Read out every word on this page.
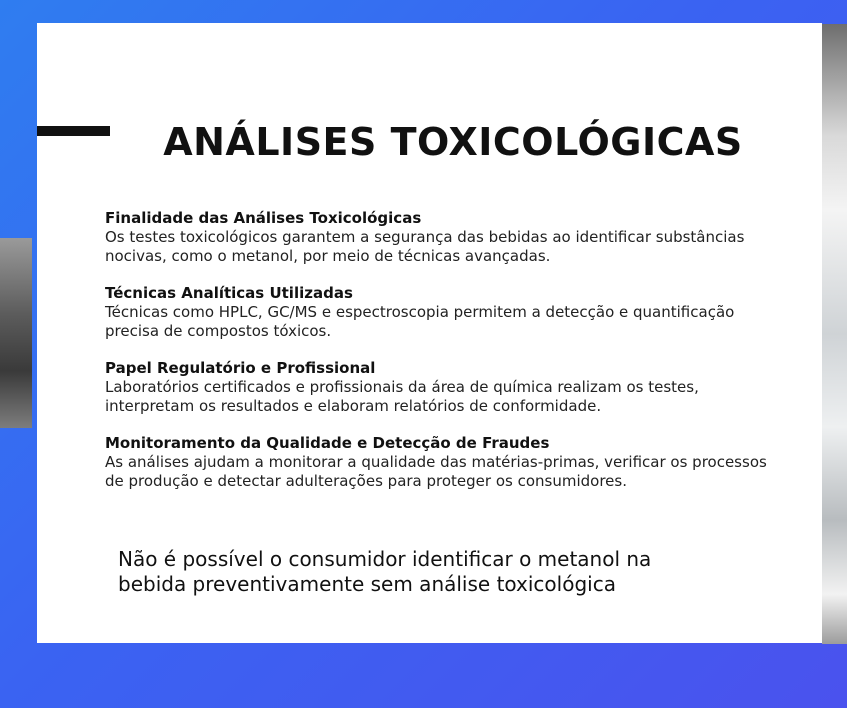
ANÁLISES TOXICOLÓGICAS

Finalidade das Análises Toxicológicas

Os testes toxicológicos garantem a segurança das bebidas ao identificar substâncias nocivas, como o metanol, por meio de técnicas avançadas.

Técnicas Analíticas Utilizadas

Técnicas como HPLC, GC/MS e espectroscopia permitem a detecção e quantificação precisa de compostos tóxicos.

Papel Regulatório e Profissional

Laboratórios certificados e profissionais da área de química realizam os testes, interpretam os resultados e elaboram relatórios de conformidade.

Monitoramento da Qualidade e Detecção de Fraudes

As análises ajudam a monitorar a qualidade das matérias-primas, verificar os processos de produção e detectar adulterações para proteger os consumidores.

Não é possível o consumidor identificar o metanol na bebida preventivamente sem análise toxicológica
